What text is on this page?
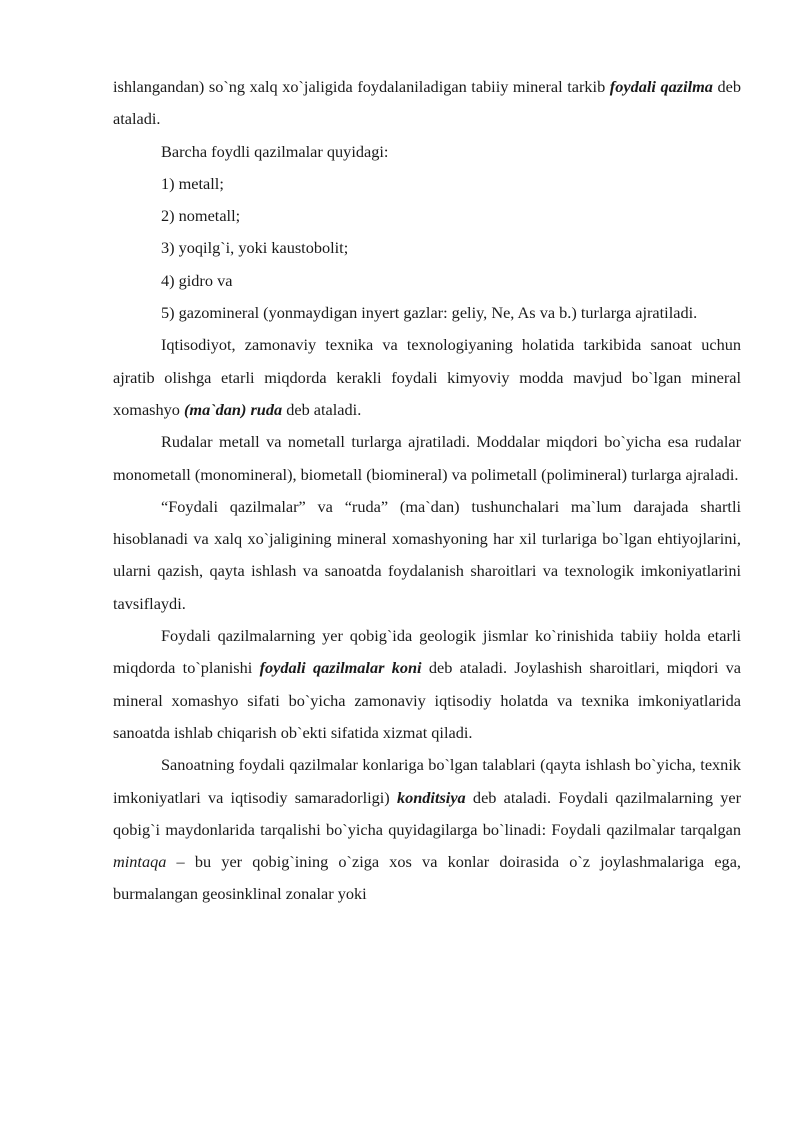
ishlangandan) so`ng xalq xo`jaligida foydalaniladigan tabiiy mineral tarkib foydali qazilma deb ataladi.

Barcha foydli qazilmalar quyidagi:

1) metall;

2) nometall;

3) yoqilg`i, yoki kaustobolit;

4) gidro va

5) gazomineral (yonmaydigan inyert gazlar: geliy, Ne, As va b.) turlarga ajratiladi.

Iqtisodiyot, zamonaviy texnika va texnologiyaning holatida tarkibida sanoat uchun ajratib olishga etarli miqdorda kerakli foydali kimyoviy modda mavjud bo`lgan mineral xomashyo (ma`dan) ruda deb ataladi.

Rudalar metall va nometall turlarga ajratiladi. Moddalar miqdori bo`yicha esa rudalar monometall (monomineral), biometall (biomineral) va polimetall (polimineral) turlarga ajraladi.

“Foydali qazilmalar” va “ruda” (ma`dan) tushunchalari ma`lum darajada shartli hisoblanadi va xalq xo`jaligining mineral xomashyoning har xil turlariga bo`lgan ehtiyojlarini, ularni qazish, qayta ishlash va sanoatda foydalanish sharoitlari va texnologik imkoniyatlarini tavsiflaydi.

Foydali qazilmalarning yer qobig`ida geologik jismlar ko`rinishida tabiiy holda etarli miqdorda to`planishi foydali qazilmalar koni deb ataladi. Joylashish sharoitlari, miqdori va mineral xomashyo sifati bo`yicha zamonaviy iqtisodiy holatda va texnika imkoniyatlarida sanoatda ishlab chiqarish ob`ekti sifatida xizmat qiladi.

Sanoatning foydali qazilmalar konlariga bo`lgan talablari (qayta ishlash bo`yicha, texnik imkoniyatlari va iqtisodiy samaradorligi) konditsiya deb ataladi. Foydali qazilmalarning yer qobig`i maydonlarida tarqalishi bo`yicha quyidagilarga bo`linadi: Foydali qazilmalar tarqalgan mintaqa – bu yer qobig`ining o`ziga xos va konlar doirasida o`z joylashmalariga ega, burmalangan geosinklinal zonalar yoki
